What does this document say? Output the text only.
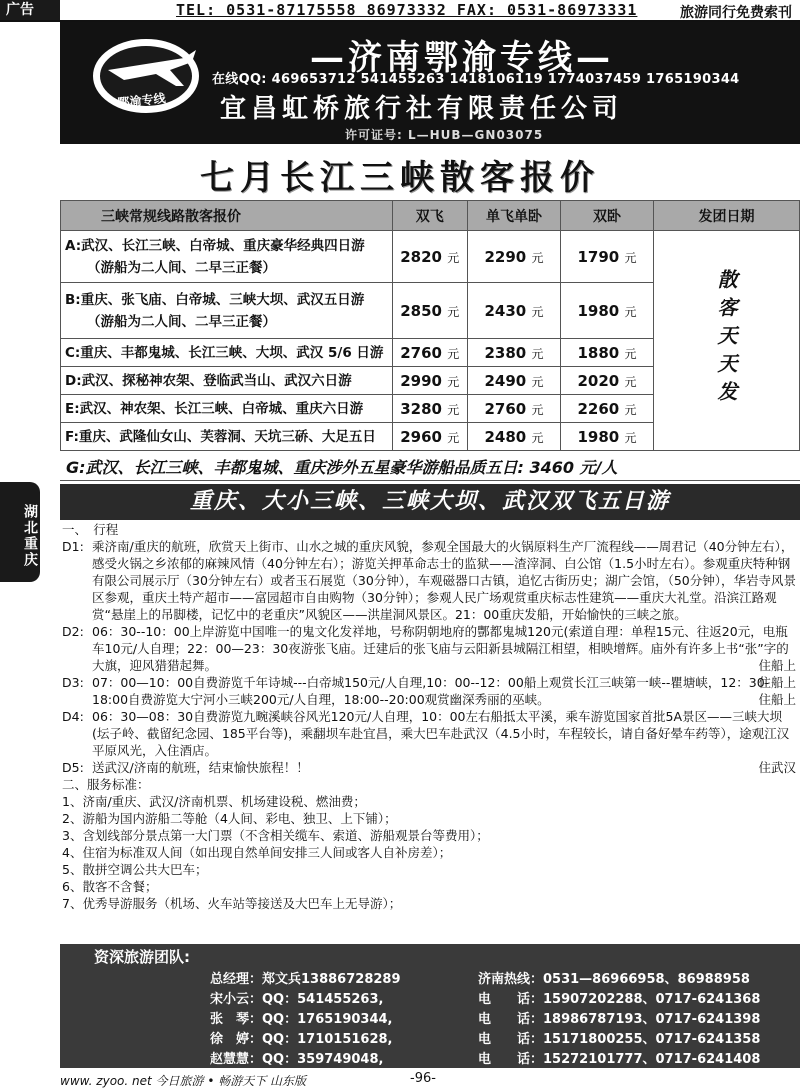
广告	TEL: 0531-87175558 86973332 FAX: 0531-86973331	旅游同行免费索刊
鄂渝专线
—济南鄂渝专线—
在线QQ: 469653712 541455263 1418106119 1774037459 1765190344
宜昌虹桥旅行社有限责任公司
许可证号: L—HUB—GN03075
七月长江三峡散客报价
三峡常规线路散客报价	双飞	单飞单卧	双卧	发团日期
A:武汉、长江三峡、白帝城、重庆豪华经典四日游
（游船为二人间、二早三正餐）	2820 元	2290 元	1790 元	散客天天发
B:重庆、张飞庙、白帝城、三峡大坝、武汉五日游
（游船为二人间、二早三正餐）	2850 元	2430 元	1980 元	
C:重庆、丰都鬼城、长江三峡、大坝、武汉 5/6 日游	2760 元	2380 元	1880 元	
D:武汉、探秘神农架、登临武当山、武汉六日游	2990 元	2490 元	2020 元	
E:武汉、神农架、长江三峡、白帝城、重庆六日游	3280 元	2760 元	2260 元	
F:重庆、武隆仙女山、芙蓉洞、天坑三硚、大足五日	2960 元	2480 元	1980 元	
G:武汉、长江三峡、丰都鬼城、重庆涉外五星豪华游船品质五日: 3460 元/人
湖北重庆
重庆、大小三峡、三峡大坝、武汉双飞五日游
一、　行程
D1: 乘济南/重庆的航班，欣赏天上街市、山水之城的重庆风貌，参观全国最大的火锅原料生产厂流程线——周君记（40分钟左右），感受火锅之乡浓郁的麻辣风情（40分钟左右）；游览关押革命志士的监狱——渣滓洞、白公馆（1.5小时左右）。参观重庆特种钢有限公司展示厅（30分钟左右）或者玉石展览（30分钟），车观磁器口古镇，追忆古街历史；湖广会馆，（50分钟），华岩寺风景区参观，重庆土特产超市——富园超市自由购物（30分钟）；参观人民广场观赏重庆标志性建筑——重庆大礼堂。沿滨江路观赏“悬崖上的吊脚楼，记忆中的老重庆”风貌区——洪崖洞风景区。21：00重庆发船，开始愉快的三峡之旅。
住船上
D2: 06：30--10：00上岸游览中国唯一的鬼文化发祥地，号称阴朝地府的酆都鬼城120元(索道自理：单程15元、往返20元，电瓶车10元/人自理；22：00—23：30夜游张飞庙。迁建后的张飞庙与云阳新县城隔江相望，相映增辉。庙外有许多上书“张”字的大旗，迎风猎猎起舞。
住船上
D3: 07：00—10：00自费游览千年诗城---白帝城150元/人自理,10：00--12：00船上观赏长江三峡第一峡--瞿塘峡，12：30-18:00自费游览大宁河小三峡200元/人自理，18:00--20:00观赏幽深秀丽的巫峡。	住船上
D4: 06：30—08：30自费游览九畹溪峡谷风光120元/人自理，10：00左右船抵太平溪，乘车游览国家首批5A景区——三峡大坝(坛子岭、截留纪念园、185平台等)，乘翻坝车赴宜昌，乘大巴车赴武汉（4.5小时，车程较长，请自备好晕车药等），途观江汉平原风光，入住酒店。
住武汉
D5: 送武汉/济南的航班，结束愉快旅程！！
二、服务标准：
1、济南/重庆、武汉/济南机票、机场建设税、燃油费；
2、游船为国内游船二等舱（4人间、彩电、独卫、上下铺）；
3、含划线部分景点第一大门票（不含相关缆车、索道、游船观景台等费用）；
4、住宿为标准双人间（如出现自然单间安排三人间或客人自补房差）；
5、散拼空调公共大巴车；
6、散客不含餐；
7、优秀导游服务（机场、火车站等接送及大巴车上无导游）；
资深旅游团队:
总经理：郑文兵13886728289	济南热线：0531—86966958、86988958
宋小云：QQ：541455263,	电　　话：15907202288、0717-6241368
张　琴：QQ：1765190344,	电　　话：18986787193、0717-6241398
徐　婷：QQ：1710151628,	电　　话：15171800255、0717-6241358
赵慧慧：QQ：359749048,	电　　话：15272101777、0717-6241408
www. zyoo. net 今日旅游 • 畅游天下 山东版	-96-
